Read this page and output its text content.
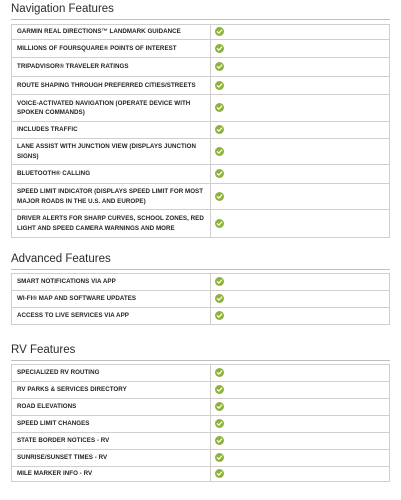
Navigation Features
GARMIN REAL DIRECTIONS™ LANDMARK GUIDANCE	
MILLIONS OF FOURSQUARE® POINTS OF INTEREST	
TRIPADVISOR® TRAVELER RATINGS	
ROUTE SHAPING THROUGH PREFERRED CITIES/STREETS	
VOICE-ACTIVATED NAVIGATION (OPERATE DEVICE WITH SPOKEN COMMANDS)	
INCLUDES TRAFFIC	
LANE ASSIST WITH JUNCTION VIEW (DISPLAYS JUNCTION SIGNS)	
BLUETOOTH® CALLING	
SPEED LIMIT INDICATOR (DISPLAYS SPEED LIMIT FOR MOST MAJOR ROADS IN THE U.S. AND EUROPE)	
DRIVER ALERTS FOR SHARP CURVES, SCHOOL ZONES, RED LIGHT AND SPEED CAMERA WARNINGS AND MORE	
Advanced Features
SMART NOTIFICATIONS VIA APP	
WI-FI® MAP AND SOFTWARE UPDATES	
ACCESS TO LIVE SERVICES VIA APP	
RV Features
SPECIALIZED RV ROUTING	
RV PARKS & SERVICES DIRECTORY	
ROAD ELEVATIONS	
SPEED LIMIT CHANGES	
STATE BORDER NOTICES - RV	
SUNRISE/SUNSET TIMES - RV	
MILE MARKER INFO - RV	
